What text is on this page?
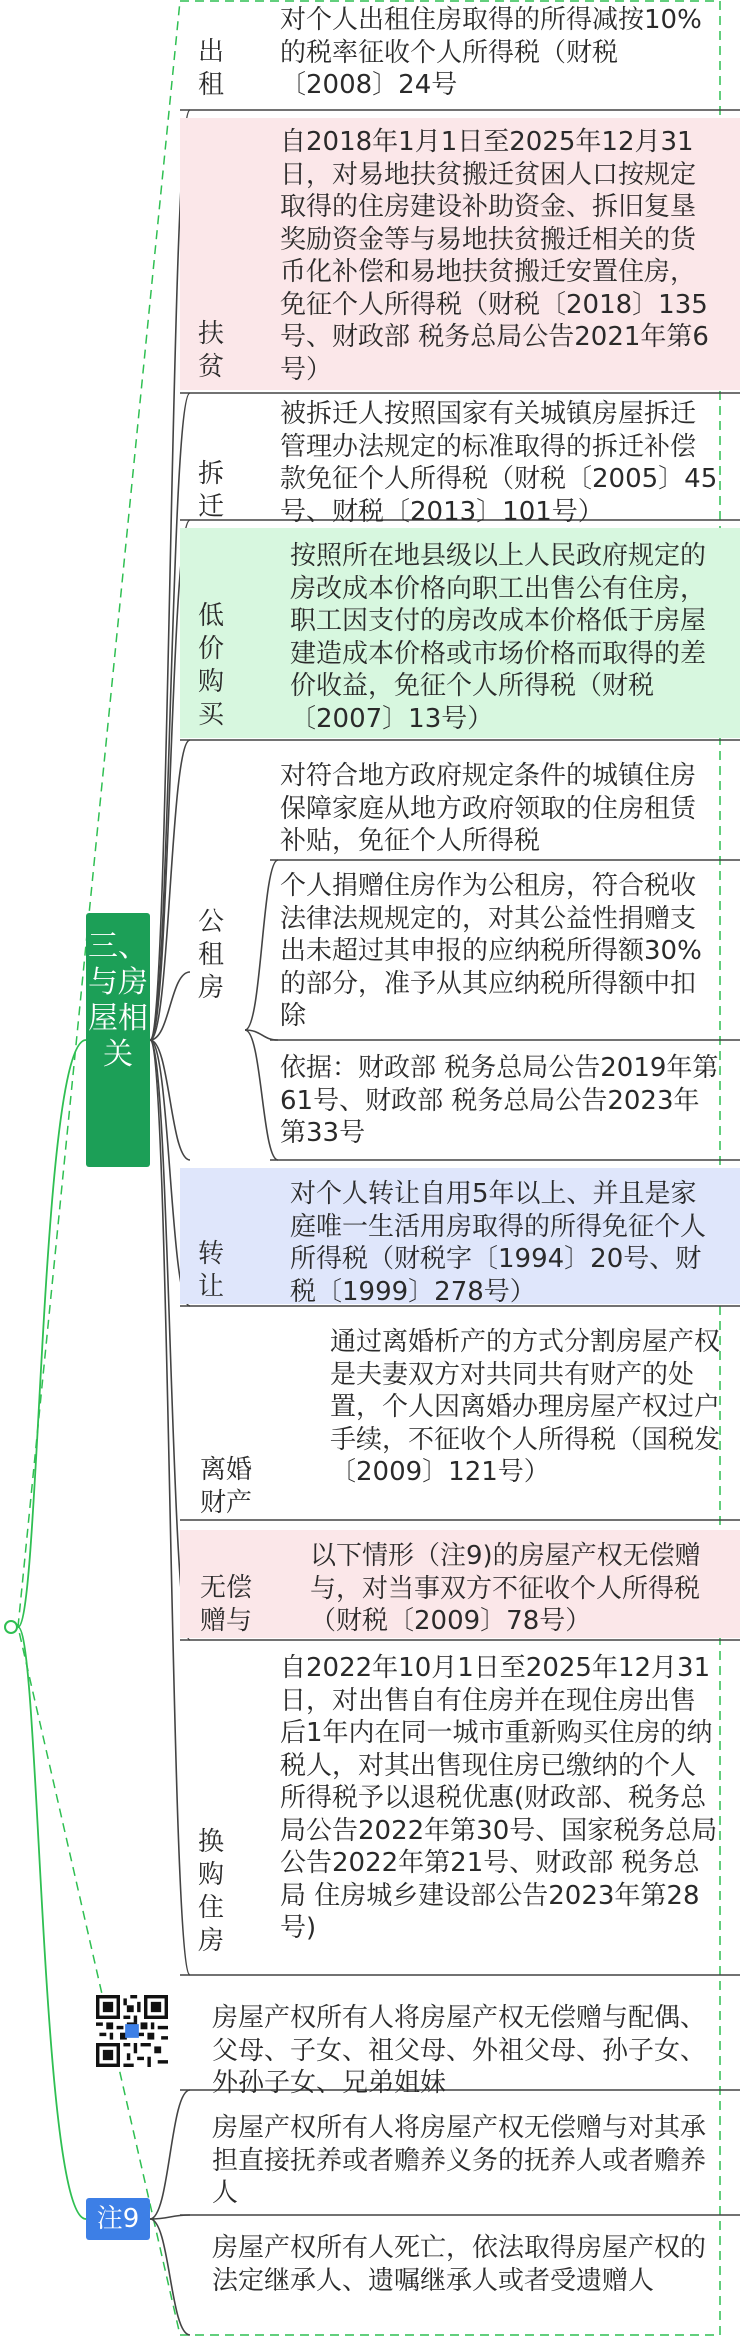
三、与房屋相关
出
租
对个人出租住房取得的所得减按10%的税率征收个人所得税（财税〔2008〕24号
扶
贫
自2018年1月1日至2025年12月31日，对易地扶贫搬迁贫困人口按规定取得的住房建设补助资金、拆旧复垦奖励资金等与易地扶贫搬迁相关的货币化补偿和易地扶贫搬迁安置住房，免征个人所得税（财税〔2018〕135号、财政部 税务总局公告2021年第6号）
拆
迁
被拆迁人按照国家有关城镇房屋拆迁管理办法规定的标准取得的拆迁补偿款免征个人所得税（财税〔2005〕45号、财税〔2013〕101号）
低
价
购
买
按照所在地县级以上人民政府规定的房改成本价格向职工出售公有住房，职工因支付的房改成本价格低于房屋建造成本价格或市场价格而取得的差价收益，免征个人所得税（财税〔2007〕13号）
公
租
房
对符合地方政府规定条件的城镇住房保障家庭从地方政府领取的住房租赁补贴，免征个人所得税
个人捐赠住房作为公租房，符合税收法律法规规定的，对其公益性捐赠支出未超过其申报的应纳税所得额30%的部分，准予从其应纳税所得额中扣除
依据：财政部 税务总局公告2019年第61号、财政部 税务总局公告2023年第33号
转
让
对个人转让自用5年以上、并且是家庭唯一生活用房取得的所得免征个人所得税（财税字〔1994〕20号、财税〔1999〕278号）
离婚
财产
通过离婚析产的方式分割房屋产权是夫妻双方对共同共有财产的处置，个人因离婚办理房屋产权过户手续，不征收个人所得税（国税发〔2009〕121号）
无偿
赠与
以下情形（注9)的房屋产权无偿赠与，对当事双方不征收个人所得税（财税〔2009〕78号）
换
购
住
房
自2022年10月1日至2025年12月31日，对出售自有住房并在现住房出售后1年内在同一城市重新购买住房的纳税人，对其出售现住房已缴纳的个人所得税予以退税优惠(财政部、税务总局公告2022年第30号、国家税务总局公告2022年第21号、财政部 税务总局 住房城乡建设部公告2023年第28号)
注9
房屋产权所有人将房屋产权无偿赠与配偶、父母、子女、祖父母、外祖父母、孙子女、外孙子女、兄弟姐妹
房屋产权所有人将房屋产权无偿赠与对其承担直接抚养或者赡养义务的抚养人或者赡养人
房屋产权所有人死亡，依法取得房屋产权的法定继承人、遗嘱继承人或者受遗赠人
